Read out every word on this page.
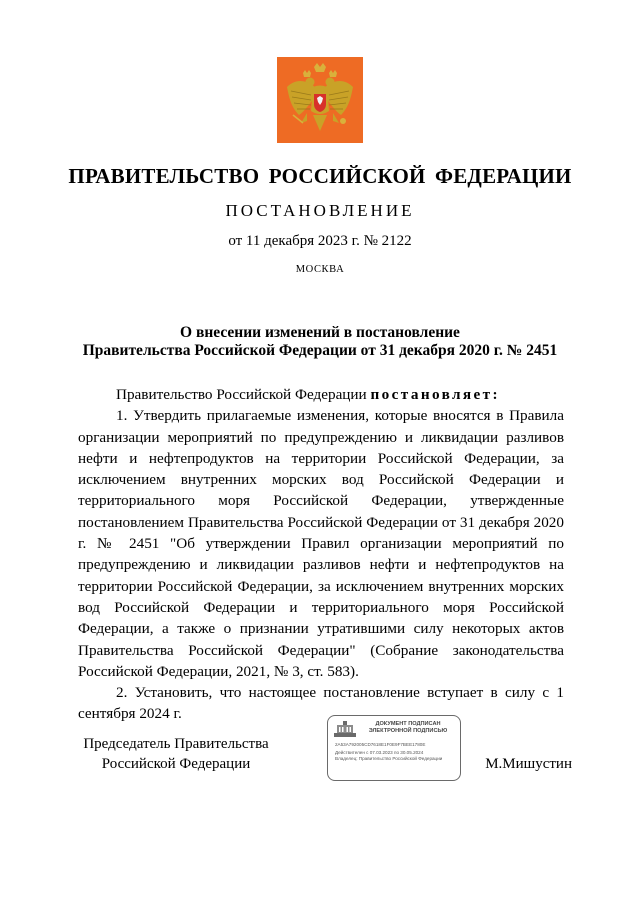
ПРАВИТЕЛЬСТВО РОССИЙСКОЙ ФЕДЕРАЦИИ
ПОСТАНОВЛЕНИЕ
от 11 декабря 2023 г. № 2122
МОСКВА
О внесении изменений в постановление
Правительства Российской Федерации от 31 декабря 2020 г. № 2451

Правительство Российской Федерации постановляет:

1. Утвердить прилагаемые изменения, которые вносятся в Правила организации мероприятий по предупреждению и ликвидации разливов нефти и нефтепродуктов на территории Российской Федерации, за исключением внутренних морских вод Российской Федерации и территориального моря Российской Федерации, утвержденные постановлением Правительства Российской Федерации от 31 декабря 2020 г. № 2451 "Об утверждении Правил организации мероприятий по предупреждению и ликвидации разливов нефти и нефтепродуктов на территории Российской Федерации, за исключением внутренних морских вод Российской Федерации и территориального моря Российской Федерации, а также о признании утратившими силу некоторых актов Правительства Российской Федерации" (Собрание законодательства Российской Федерации, 2021, № 3, ст. 583).

2. Установить, что настоящее постановление вступает в силу с 1 сентября 2024 г.

Председатель Правительства
Российской Федерации
ДОКУМЕНТ ПОДПИСАН
ЭЛЕКТРОННОЙ ПОДПИСЬЮ
2A53A792005CD7618E1F0E9F7BEE1780E
Действителен с 07.03.2023 по 30.05.2024
Владелец: Правительство Российской Федерации	М.Мишустин
